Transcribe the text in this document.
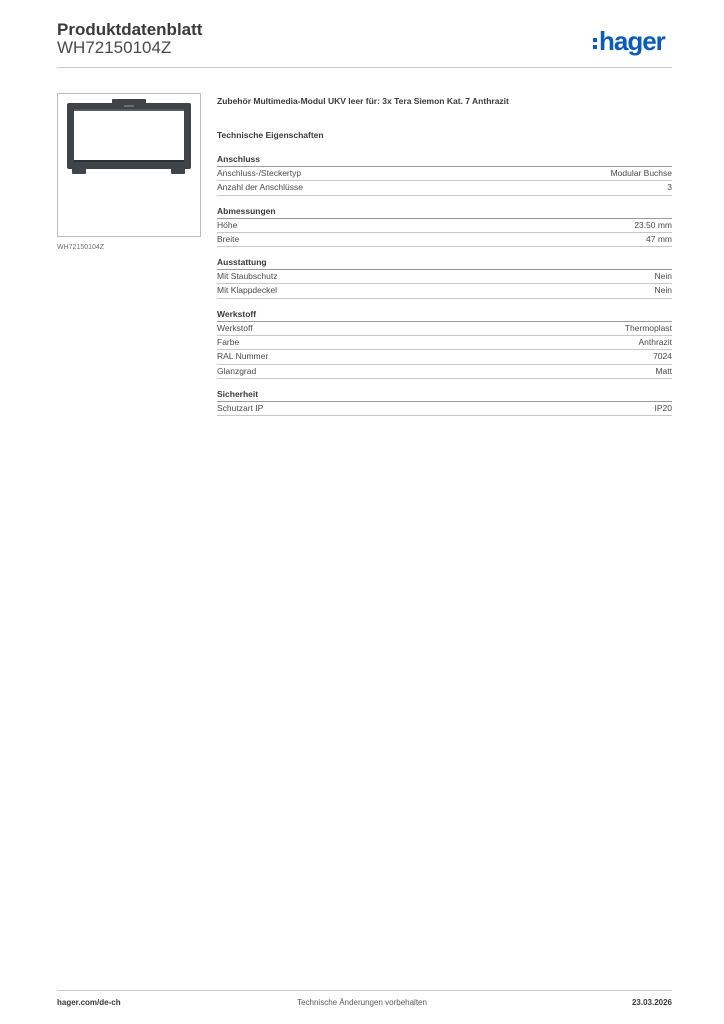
Produktdatenblatt
WH72150104Z	hager
WH72150104Z
Zubehör Multimedia-Modul UKV leer für: 3x Tera Siemon Kat. 7 Anthrazit
Technische Eigenschaften
Anschluss
Anschluss-/Steckertyp	Modular Buchse
Anzahl der Anschlüsse	3
Abmessungen
Höhe	23.50 mm
Breite	47 mm
Ausstattung
Mit Staubschutz	Nein
Mit Klappdeckel	Nein
Werkstoff
Werkstoff	Thermoplast
Farbe	Anthrazit
RAL Nummer	7024
Glanzgrad	Matt
Sicherheit
Schutzart IP	IP20
hager.com/de-ch	Technische Änderungen vorbehalten	23.03.2026
